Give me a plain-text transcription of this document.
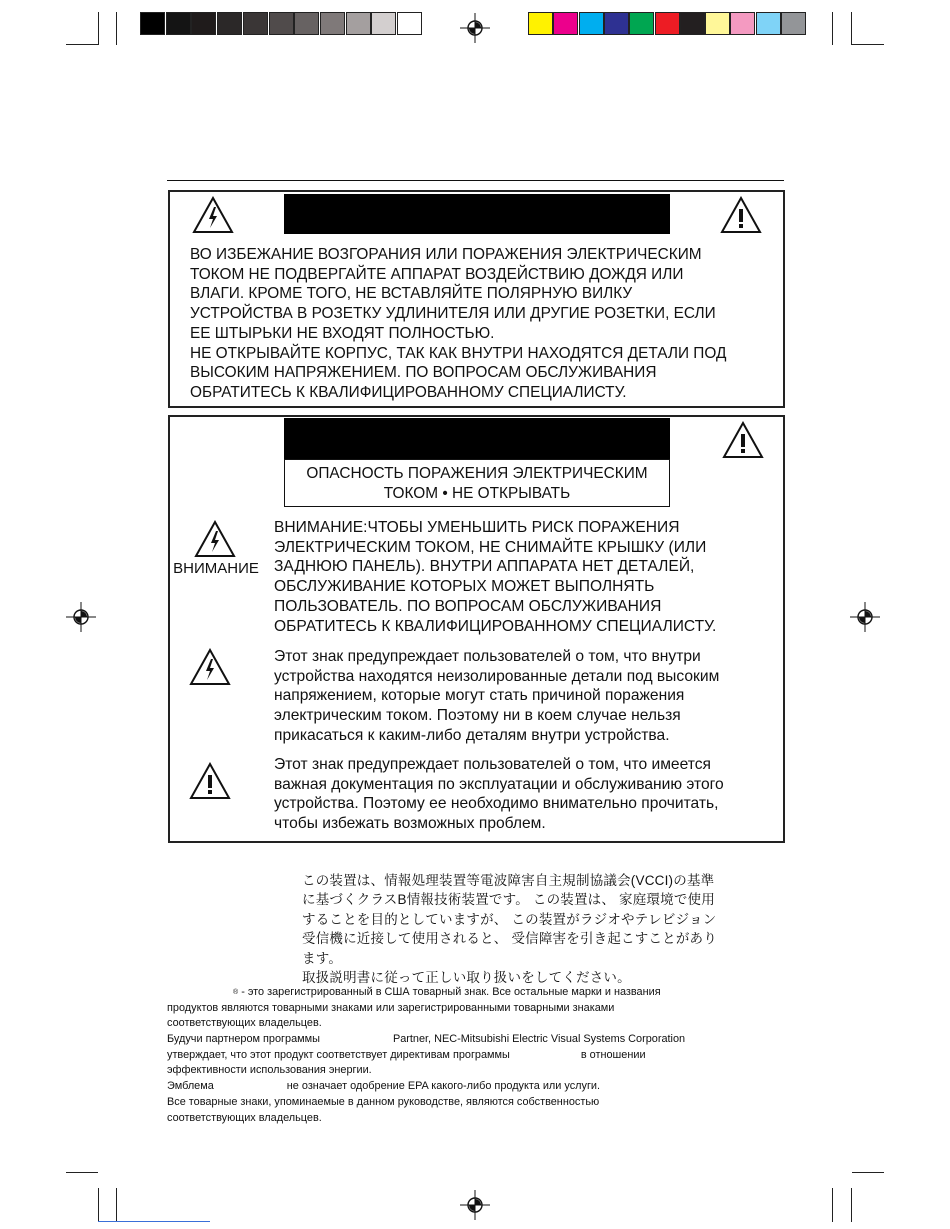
ВО ИЗБЕЖАНИЕ ВОЗГОРАНИЯ ИЛИ ПОРАЖЕНИЯ ЭЛЕКТРИЧЕСКИМ
ТОКОМ НЕ ПОДВЕРГАЙТЕ АППАРАТ ВОЗДЕЙСТВИЮ ДОЖДЯ ИЛИ
ВЛАГИ. КРОМЕ ТОГО, НЕ ВСТАВЛЯЙТЕ ПОЛЯРНУЮ ВИЛКУ
УСТРОЙСТВА В РОЗЕТКУ УДЛИНИТЕЛЯ ИЛИ ДРУГИЕ РОЗЕТКИ, ЕСЛИ
ЕЕ ШТЫРЬКИ НЕ ВХОДЯТ ПОЛНОСТЬЮ.
НЕ ОТКРЫВАЙТЕ КОРПУС, ТАК КАК ВНУТРИ НАХОДЯТСЯ ДЕТАЛИ ПОД
ВЫСОКИМ НАПРЯЖЕНИЕМ. ПО ВОПРОСАМ ОБСЛУЖИВАНИЯ
ОБРАТИТЕСЬ К КВАЛИФИЦИРОВАННОМУ СПЕЦИАЛИСТУ.
ОПАСНОСТЬ ПОРАЖЕНИЯ ЭЛЕКТРИЧЕСКИМ
ТОКОМ • НЕ ОТКРЫВАТЬ
ВНИМАНИЕ
ВНИМАНИЕ:ЧТОБЫ УМЕНЬШИТЬ РИСК ПОРАЖЕНИЯ
ЭЛЕКТРИЧЕСКИМ ТОКОМ, НЕ СНИМАЙТЕ КРЫШКУ (ИЛИ
ЗАДНЮЮ ПАНЕЛЬ). ВНУТРИ АППАРАТА НЕТ ДЕТАЛЕЙ,
ОБСЛУЖИВАНИЕ КОТОРЫХ МОЖЕТ ВЫПОЛНЯТЬ
ПОЛЬЗОВАТЕЛЬ. ПО ВОПРОСАМ ОБСЛУЖИВАНИЯ
ОБРАТИТЕСЬ К КВАЛИФИЦИРОВАННОМУ СПЕЦИАЛИСТУ.
Этот знак предупреждает пользователей о том, что внутри
устройства находятся неизолированные детали под высоким
напряжением, которые могут стать причиной поражения
электрическим током. Поэтому ни в коем случае нельзя
прикасаться к каким-либо деталям внутри устройства.
Этот знак предупреждает пользователей о том, что имеется
важная документация по эксплуатации и обслуживанию этого
устройства. Поэтому ее необходимо внимательно прочитать,
чтобы избежать возможных проблем.
この装置は、情報処理装置等電波障害自主規制協議会(VCCI)の基準
に基づくクラスB情報技術装置です。 この装置は、 家庭環境で使用
することを目的としていますが、 この装置がラジオやテレビジョン
受信機に近接して使用されると、 受信障害を引き起こすことがあり
ます。
取扱説明書に従って正しい取り扱いをしてください。
® - это зарегистрированный в США товарный знак. Все остальные марки и названия
продуктов являются товарными знаками или зарегистрированными товарными знаками
соответствующих владельцев.
Будучи партнером программы	Partner, NEC-Mitsubishi Electric Visual Systems Corporation
утверждает, что этот продукт соответствует директивам программы	в отношении
эффективности использования энергии.
Эмблема	не означает одобрение EPA какого-либо продукта или услуги.
Все товарные знаки, упоминаемые в данном руководстве, являются собственностью
соответствующих владельцев.
